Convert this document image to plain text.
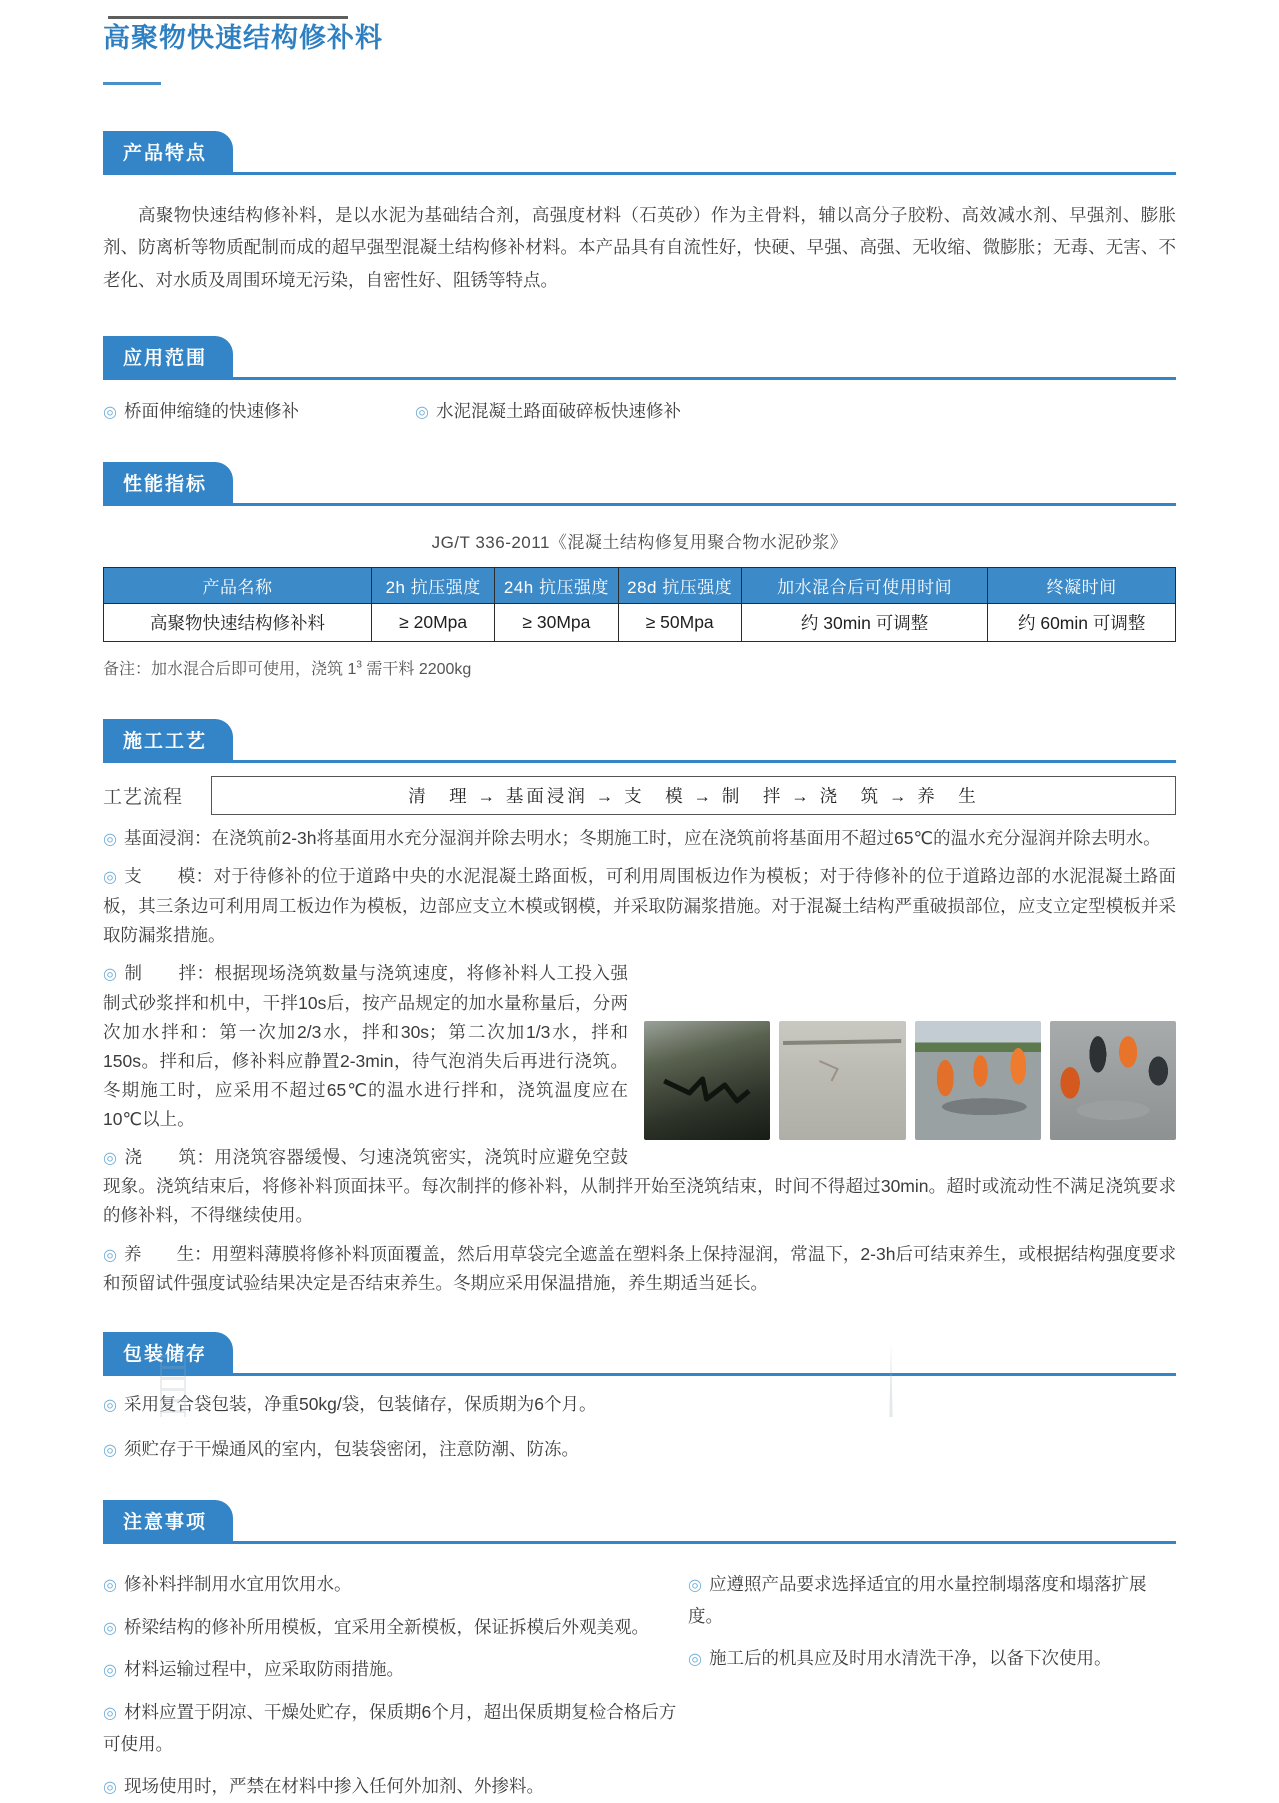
高聚物快速结构修补料
产品特点
高聚物快速结构修补料，是以水泥为基础结合剂，高强度材料（石英砂）作为主骨料，辅以高分子胶粉、高效减水剂、早强剂、膨胀剂、防离析等物质配制而成的超早强型混凝土结构修补材料。本产品具有自流性好，快硬、早强、高强、无收缩、微膨胀；无毒、无害、不老化、对水质及周围环境无污染，自密性好、阻锈等特点。
应用范围
◎ 桥面伸缩缝的快速修补	◎ 水泥混凝土路面破碎板快速修补
性能指标
JG/T 336-2011《混凝土结构修复用聚合物水泥砂浆》
产品名称	2h 抗压强度	24h 抗压强度	28d 抗压强度	加水混合后可使用时间	终凝时间
高聚物快速结构修补料	≥ 20Mpa	≥ 30Mpa	≥ 50Mpa	约 30min 可调整	约 60min 可调整
备注：加水混合后即可使用，浇筑 $1^3$ 需干料 2200kg
施工工艺
工艺流程	清　理 → 基面浸润 → 支　模 → 制　拌 → 浇　筑 → 养　生
◎ 基面浸润：在浇筑前2-3h将基面用水充分湿润并除去明水；冬期施工时，应在浇筑前将基面用不超过65℃的温水充分湿润并除去明水。
◎ 支　　模：对于待修补的位于道路中央的水泥混凝土路面板，可利用周围板边作为模板；对于待修补的位于道路边部的水泥混凝土路面板，其三条边可利用周工板边作为模板，边部应支立木模或钢模，并采取防漏浆措施。对于混凝土结构严重破损部位，应支立定型模板并采取防漏浆措施。
◎ 制　　拌：根据现场浇筑数量与浇筑速度，将修补料人工投入强制式砂浆拌和机中，干拌10s后，按产品规定的加水量称量后，分两次加水拌和：第一次加2/3水，拌和30s；第二次加1/3水，拌和150s。拌和后，修补料应静置2-3min，待气泡消失后再进行浇筑。冬期施工时，应采用不超过65℃的温水进行拌和，浇筑温度应在10℃以上。
◎ 浇　　筑：用浇筑容器缓慢、匀速浇筑密实，浇筑时应避免空鼓现象。浇筑结束后，将修补料顶面抹平。每次制拌的修补料，从制拌开始至浇筑结束，时间不得超过30min。超时或流动性不满足浇筑要求的修补料，不得继续使用。
◎ 养　　生：用塑料薄膜将修补料顶面覆盖，然后用草袋完全遮盖在塑料条上保持湿润，常温下，2-3h后可结束养生，或根据结构强度要求和预留试件强度试验结果决定是否结束养生。冬期应采用保温措施，养生期适当延长。
包装储存
◎ 采用复合袋包装，净重50kg/袋，包装储存，保质期为6个月。
◎ 须贮存于干燥通风的室内，包装袋密闭，注意防潮、防冻。
注意事项
◎ 修补料拌制用水宜用饮用水。
◎ 桥梁结构的修补所用模板，宜采用全新模板，保证拆模后外观美观。
◎ 材料运输过程中，应采取防雨措施。
◎ 材料应置于阴凉、干燥处贮存，保质期6个月，超出保质期复检合格后方可使用。
◎ 现场使用时，严禁在材料中掺入任何外加剂、外掺料。
◎ 应遵照产品要求选择适宜的用水量控制塌落度和塌落扩展度。
◎ 施工后的机具应及时用水清洗干净，以备下次使用。
